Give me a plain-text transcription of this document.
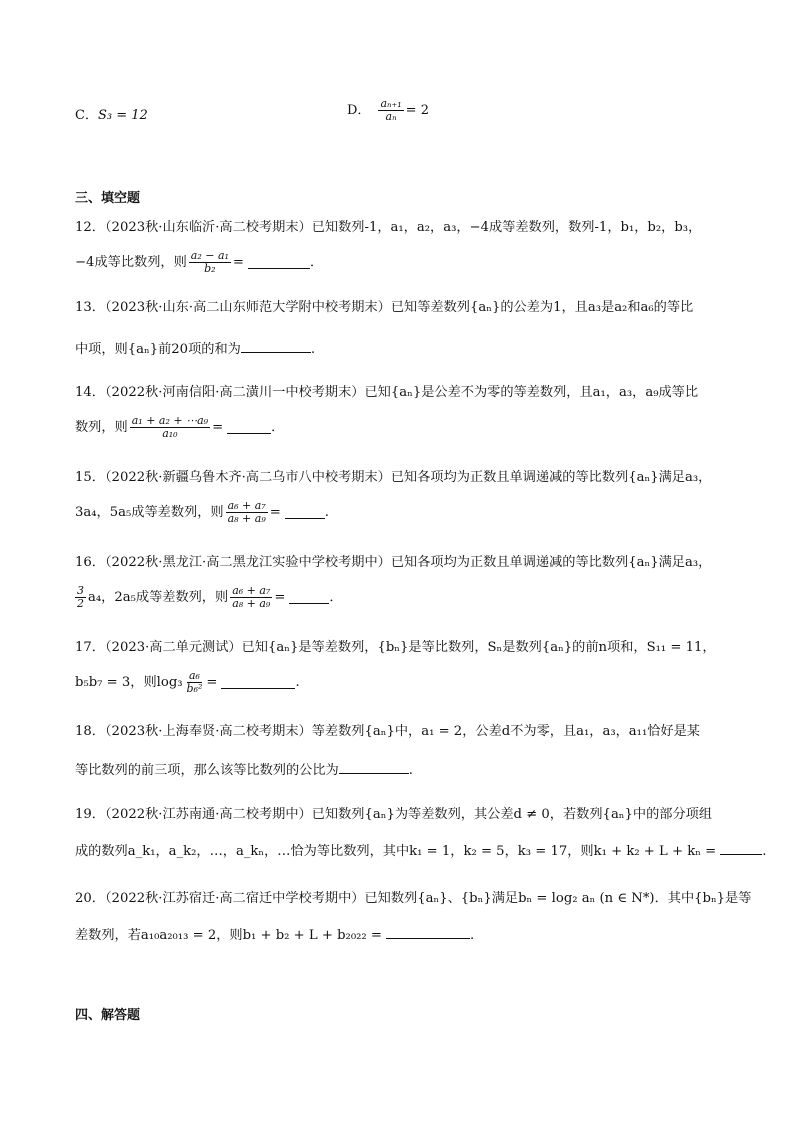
C．S₃ = 12	D． $\frac{\text{aₙ₊₁}}{\text{aₙ}} = 2$
三、填空题
12．（2023秋·山东临沂·高二校考期末）已知数列-1，a₁，a₂，a₃，−4成等差数列，数列-1，b₁，b₂，b₃，
−4成等比数列，则 $\frac{\text{a₂ − a₁}}{\text{b₂}}$ =	．
13．（2023秋·山东·高二山东师范大学附中校考期末）已知等差数列{aₙ}的公差为1，且a₃是a₂和a₆的等比
中项，则{aₙ}前20项的和为	.
14．（2022秋·河南信阳·高二潢川一中校考期末）已知{aₙ}是公差不为零的等差数列，且a₁，a₃，a₉成等比
数列，则 $\frac{\text{a₁ + a₂ + ⋯a₉}}{\text{a₁₀}}$ =	．
15．（2022秋·新疆乌鲁木齐·高二乌市八中校考期末）已知各项均为正数且单调递减的等比数列{aₙ}满足a₃，
3a₄，5a₅成等差数列，则 $\frac{\text{a₆ + a₇}}{\text{a₈ + a₉}}$ =	.
16．（2022秋·黑龙江·高二黑龙江实验中学校考期中）已知各项均为正数且单调递减的等比数列{aₙ}满足a₃，
$\frac{3}{2} a_4$，2a₅成等差数列，则 $\frac{\text{a₆ + a₇}}{\text{a₈ + a₉}}$ =	．
17．（2023·高二单元测试）已知{aₙ}是等差数列，{bₙ}是等比数列，Sₙ是数列{aₙ}的前n项和，S₁₁ = 11，
b₅b₇ = 3，则$\log_3 \frac{\text{a₆}}{\text{b₆²}}$ =	.
18．（2023秋·上海奉贤·高二校考期末）等差数列{aₙ}中，a₁ = 2，公差d不为零，且a₁，a₃，a₁₁恰好是某
等比数列的前三项，那么该等比数列的公比为	.
19．（2022秋·江苏南通·高二校考期中）已知数列{aₙ}为等差数列，其公差d ≠ 0，若数列{aₙ}中的部分项组
成的数列a_k₁，a_k₂，…，a_kₙ，…恰为等比数列，其中k₁ = 1，k₂ = 5，k₃ = 17，则k₁ + k₂ + L + kₙ =	.
20．（2022秋·江苏宿迁·高二宿迁中学校考期中）已知数列{aₙ}、{bₙ}满足bₙ = log₂ aₙ (n ∈ N*)．其中{bₙ}是等
差数列，若a₁₀a₂₀₁₃ = 2，则b₁ + b₂ + L + b₂₀₂₂ =	.
四、解答题
